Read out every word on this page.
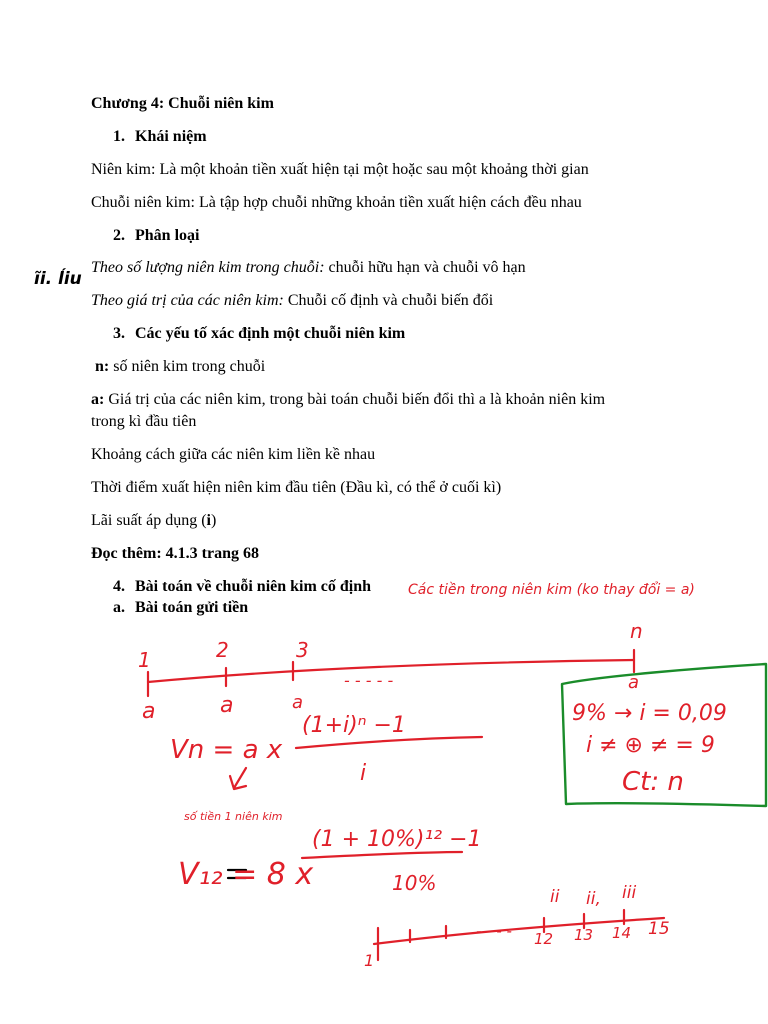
Chương 4: Chuỗi niên kim
1. Khái niệm
Niên kim: Là một khoản tiền xuất hiện tại một hoặc sau một khoảng thời gian
Chuỗi niên kim: Là tập hợp chuỗi những khoản tiền xuất hiện cách đều nhau
2. Phân loại
Theo số lượng niên kim trong chuỗi: chuỗi hữu hạn và chuỗi vô hạn
Theo giá trị của các niên kim: Chuỗi cố định và chuỗi biến đổi
3. Các yếu tố xác định một chuỗi niên kim
n: số niên kim trong chuỗi
a: Giá trị của các niên kim, trong bài toán chuỗi biến đổi thì a là khoản niên kim
trong kì đầu tiên
Khoảng cách giữa các niên kim liền kề nhau
Thời điểm xuất hiện niên kim đầu tiên (Đầu kì, có thể ở cuối kì)
Lãi suất áp dụng (i)
Đọc thêm: 4.1.3 trang 68
4. Bài toán về chuỗi niên kim cố định
a. Bài toán gửi tiền
ĩi. ĺiu
Các tiền trong niên kim (ko thay đổi = a)
1	2	3
n
a	a	a
a
- - - - -
Vn = a x
(1+i)ⁿ −1
i
số tiền 1 niên kim
V₁₂ = 8 x
(1 + 10%)¹² −1
10%
9% → i = 0,09
i ≠ ⊕ ≠ = 9
Ct: n
1
12 13 14 15
- - - -
ii ii, iii
